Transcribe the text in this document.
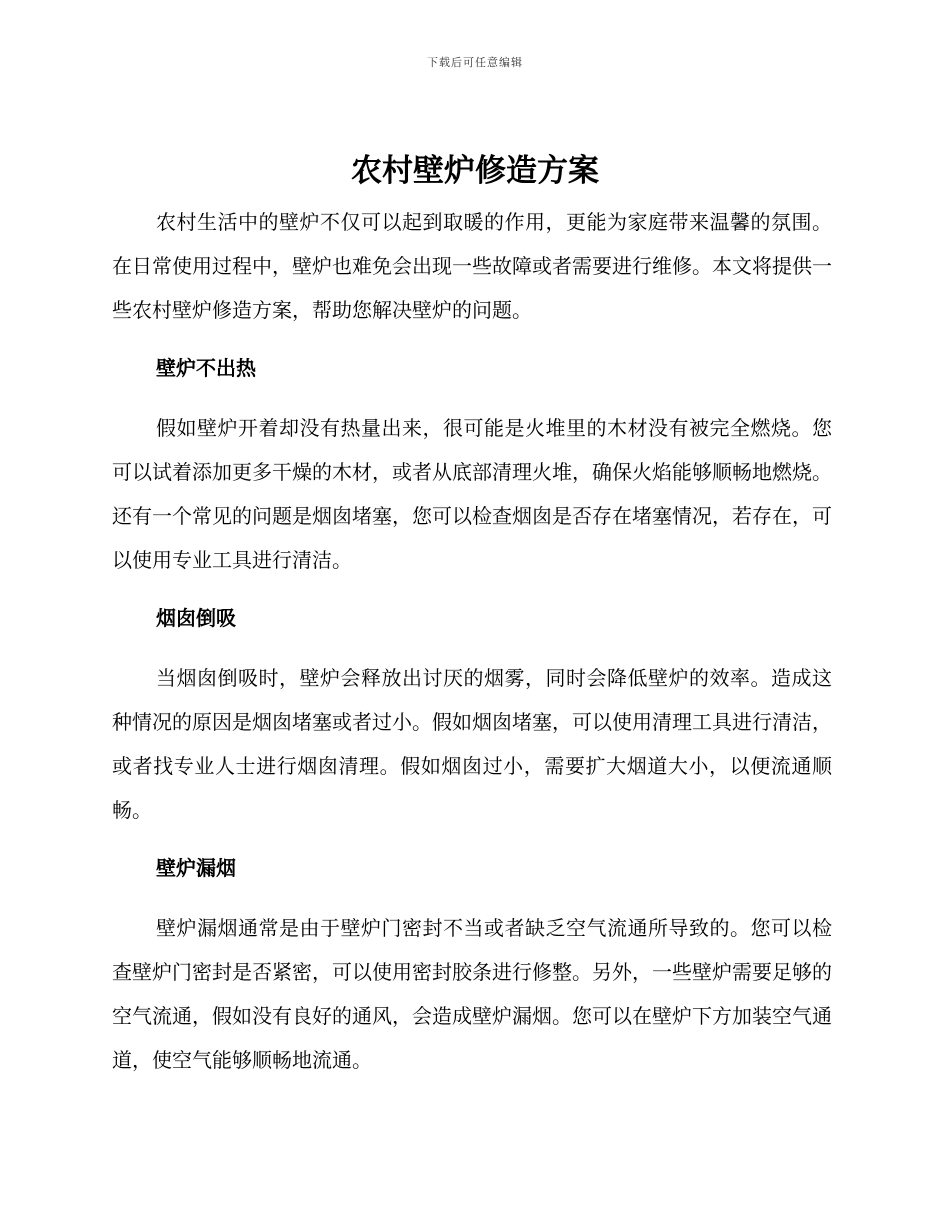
下载后可任意编辑
农村壁炉修造方案

农村生活中的壁炉不仅可以起到取暖的作用，更能为家庭带来温馨的氛围。在日常使用过程中，壁炉也难免会出现一些故障或者需要进行维修。本文将提供一些农村壁炉修造方案，帮助您解决壁炉的问题。

壁炉不出热

假如壁炉开着却没有热量出来，很可能是火堆里的木材没有被完全燃烧。您可以试着添加更多干燥的木材，或者从底部清理火堆，确保火焰能够顺畅地燃烧。还有一个常见的问题是烟囱堵塞，您可以检查烟囱是否存在堵塞情况，若存在，可以使用专业工具进行清洁。

烟囱倒吸

当烟囱倒吸时，壁炉会释放出讨厌的烟雾，同时会降低壁炉的效率。造成这种情况的原因是烟囱堵塞或者过小。假如烟囱堵塞，可以使用清理工具进行清洁，或者找专业人士进行烟囱清理。假如烟囱过小，需要扩大烟道大小，以便流通顺畅。

壁炉漏烟

壁炉漏烟通常是由于壁炉门密封不当或者缺乏空气流通所导致的。您可以检查壁炉门密封是否紧密，可以使用密封胶条进行修整。另外，一些壁炉需要足够的空气流通，假如没有良好的通风，会造成壁炉漏烟。您可以在壁炉下方加装空气通道，使空气能够顺畅地流通。
